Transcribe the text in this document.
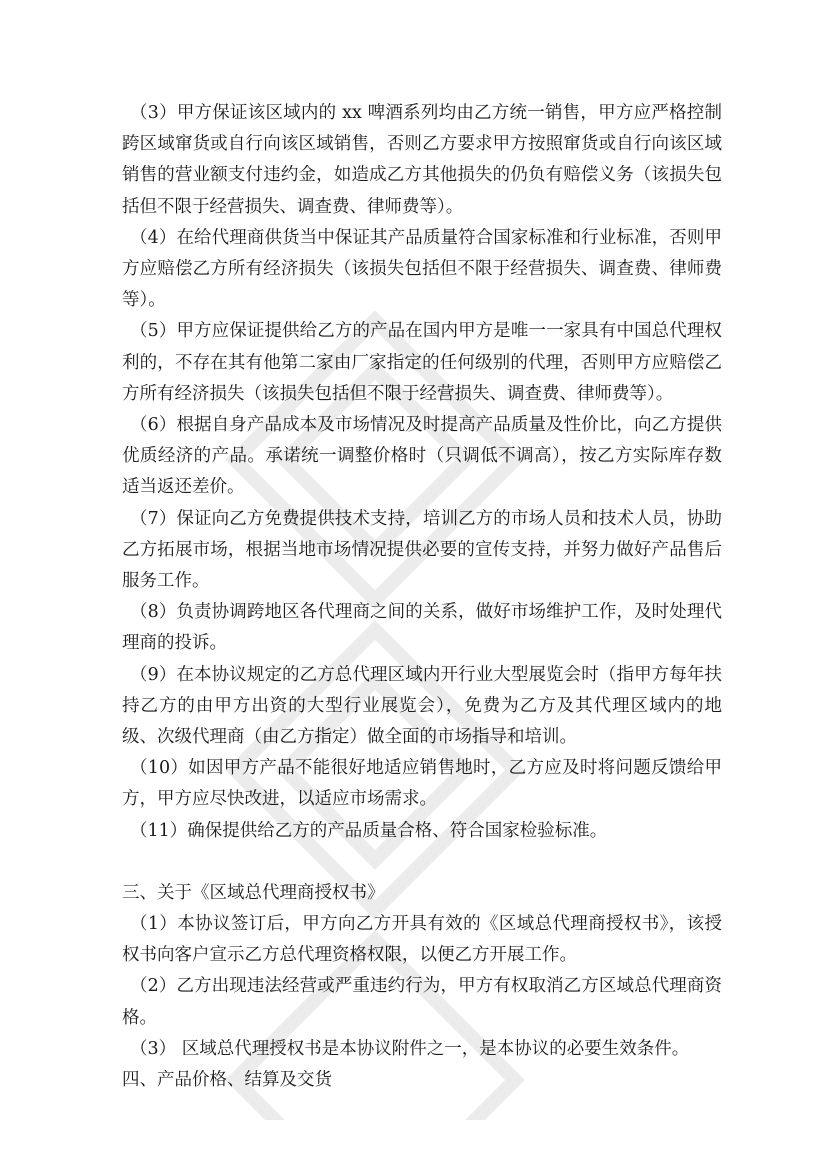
（3）甲方保证该区域内的 xx 啤酒系列均由乙方统一销售，甲方应严格控制跨区域窜货或自行向该区域销售，否则乙方要求甲方按照窜货或自行向该区域销售的营业额支付违约金，如造成乙方其他损失的仍负有赔偿义务（该损失包括但不限于经营损失、调查费、律师费等）。

（4）在给代理商供货当中保证其产品质量符合国家标准和行业标准，否则甲方应赔偿乙方所有经济损失（该损失包括但不限于经营损失、调查费、律师费等）。

（5）甲方应保证提供给乙方的产品在国内甲方是唯一一家具有中国总代理权利的，不存在其有他第二家由厂家指定的任何级别的代理，否则甲方应赔偿乙方所有经济损失（该损失包括但不限于经营损失、调查费、律师费等）。

（6）根据自身产品成本及市场情况及时提高产品质量及性价比，向乙方提供优质经济的产品。承诺统一调整价格时（只调低不调高），按乙方实际库存数适当返还差价。

（7）保证向乙方免费提供技术支持，培训乙方的市场人员和技术人员，协助乙方拓展市场，根据当地市场情况提供必要的宣传支持，并努力做好产品售后服务工作。

（8）负责协调跨地区各代理商之间的关系，做好市场维护工作，及时处理代理商的投诉。

（9）在本协议规定的乙方总代理区域内开行业大型展览会时（指甲方每年扶持乙方的由甲方出资的大型行业展览会），免费为乙方及其代理区域内的地级、次级代理商（由乙方指定）做全面的市场指导和培训。

（10）如因甲方产品不能很好地适应销售地时，乙方应及时将问题反馈给甲方，甲方应尽快改进，以适应市场需求。

（11）确保提供给乙方的产品质量合格、符合国家检验标准。

三、关于《区域总代理商授权书》

（1）本协议签订后，甲方向乙方开具有效的《区域总代理商授权书》，该授权书向客户宣示乙方总代理资格权限，以便乙方开展工作。

（2）乙方出现违法经营或严重违约行为，甲方有权取消乙方区域总代理商资格。

（3） 区域总代理授权书是本协议附件之一，是本协议的必要生效条件。

四、产品价格、结算及交货
